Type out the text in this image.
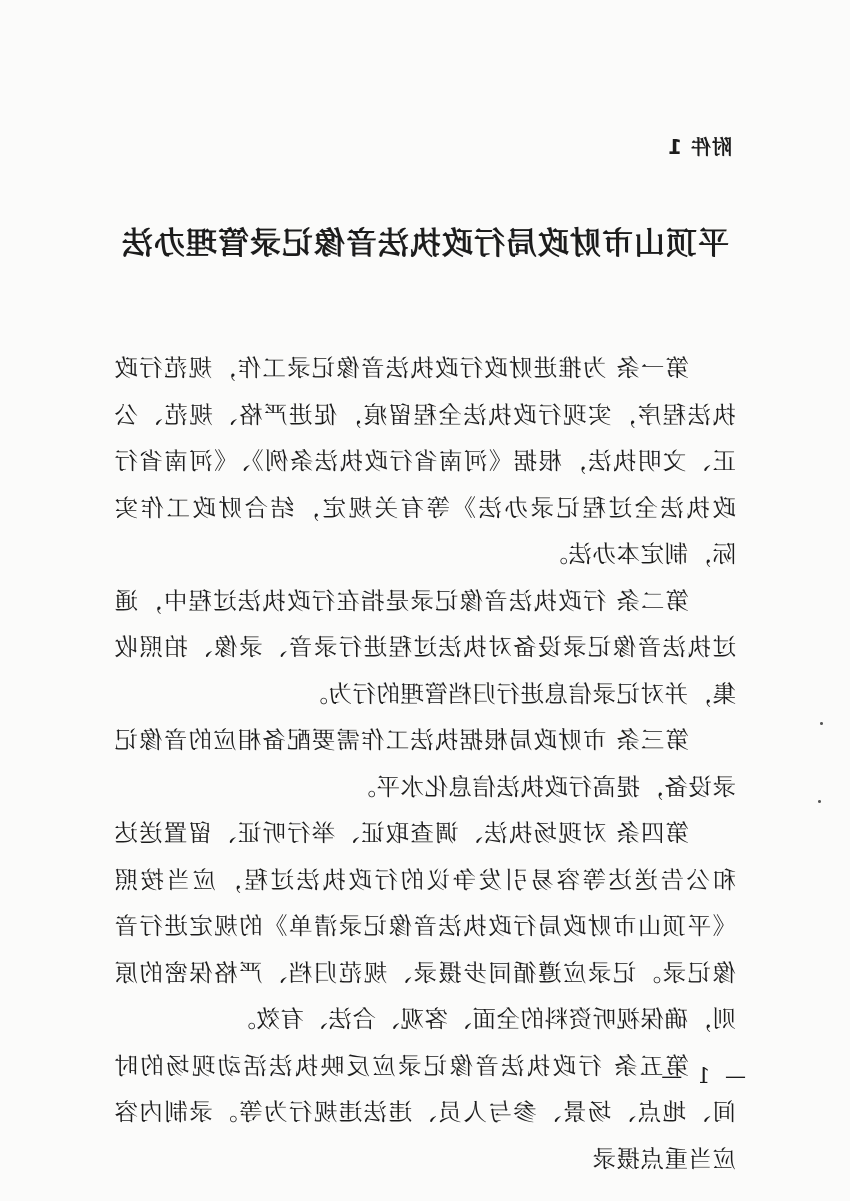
附件 1
平顶山市财政局行政执法音像记录管理办法

第一条 为推进财政行政执法音像记录工作，规范行政执法程序，实现行政执法全程留痕，促进严格、规范、公正、文明执法，根据《河南省行政执法条例》、《河南省行政执法全过程记录办法》等有关规定，结合财政工作实际，制定本办法。

第二条 行政执法音像记录是指在行政执法过程中，通过执法音像记录设备对执法过程进行录音、录像、拍照收集，并对记录信息进行归档管理的行为。

第三条 市财政局根据执法工作需要配备相应的音像记录设备，提高行政执法信息化水平。

第四条 对现场执法、调查取证、举行听证、留置送达和公告送达等容易引发争议的行政执法过程，应当按照《平顶山市财政局行政执法音像记录清单》的规定进行音像记录。记录应遵循同步摄录、规范归档、严格保密的原则，确保视听资料的全面、客观、合法、有效。

第五条 行政执法音像记录应反映执法活动现场的时间、地点、场景、参与人员、违法违规行为等。录制内容应当重点摄录

— 1 —
